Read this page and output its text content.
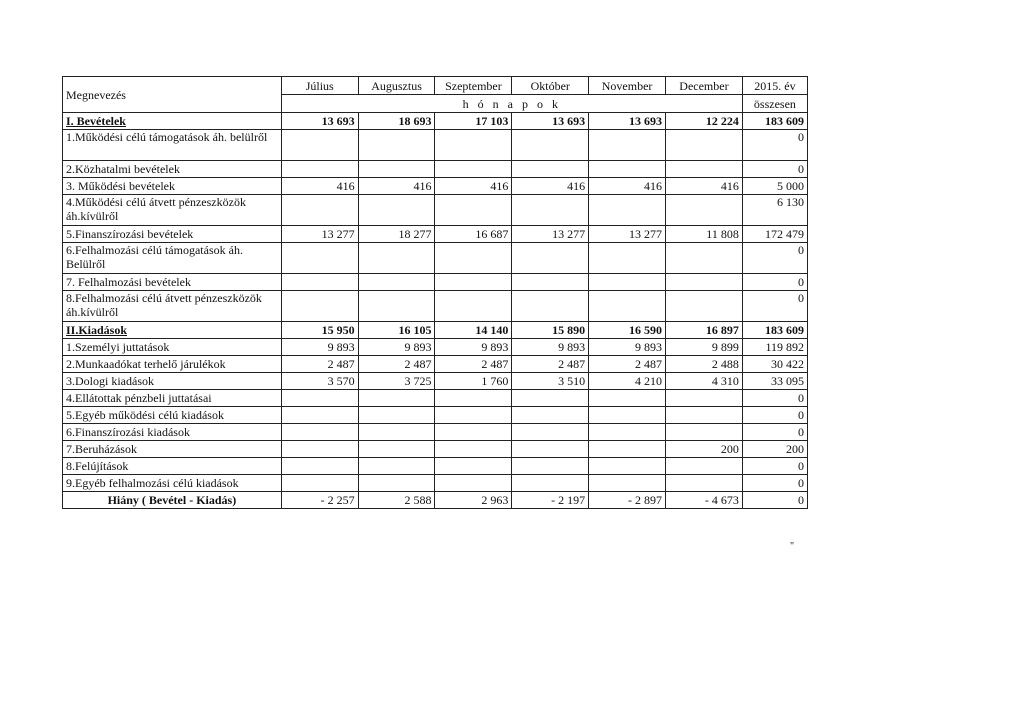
Megnevezés	Július	Augusztus	Szeptember	Október	November	December	2015. év
	h ó n a p o k						összesen
I. Bevételek	13 693	18 693	17 103	13 693	13 693	12 224	183 609
1.Működési célú támogatások áh. belülről							0
2.Közhatalmi bevételek							0
3. Működési bevételek	416	416	416	416	416	416	5 000
4.Működési célú átvett pénzeszközök áh.kívülről							6 130
5.Finanszírozási bevételek	13 277	18 277	16 687	13 277	13 277	11 808	172 479
6.Felhalmozási célú támogatások áh. Belülről							0
7. Felhalmozási bevételek							0
8.Felhalmozási célú átvett pénzeszközök áh.kívülről							0
II.Kiadások	15 950	16 105	14 140	15 890	16 590	16 897	183 609
1.Személyi juttatások	9 893	9 893	9 893	9 893	9 893	9 899	119 892
2.Munkaadókat terhelő járulékok	2 487	2 487	2 487	2 487	2 487	2 488	30 422
3.Dologi kiadások	3 570	3 725	1 760	3 510	4 210	4 310	33 095
4.Ellátottak pénzbeli juttatásai							0
5.Egyéb működési célú kiadások							0
6.Finanszírozási kiadások							0
7.Beruházások						200	200
8.Felújítások							0
9.Egyéb felhalmozási célú kiadások							0
Hiány ( Bevétel - Kiadás)	- 2 257	2 588	2 963	- 2 197	- 2 897	- 4 673	0
"
